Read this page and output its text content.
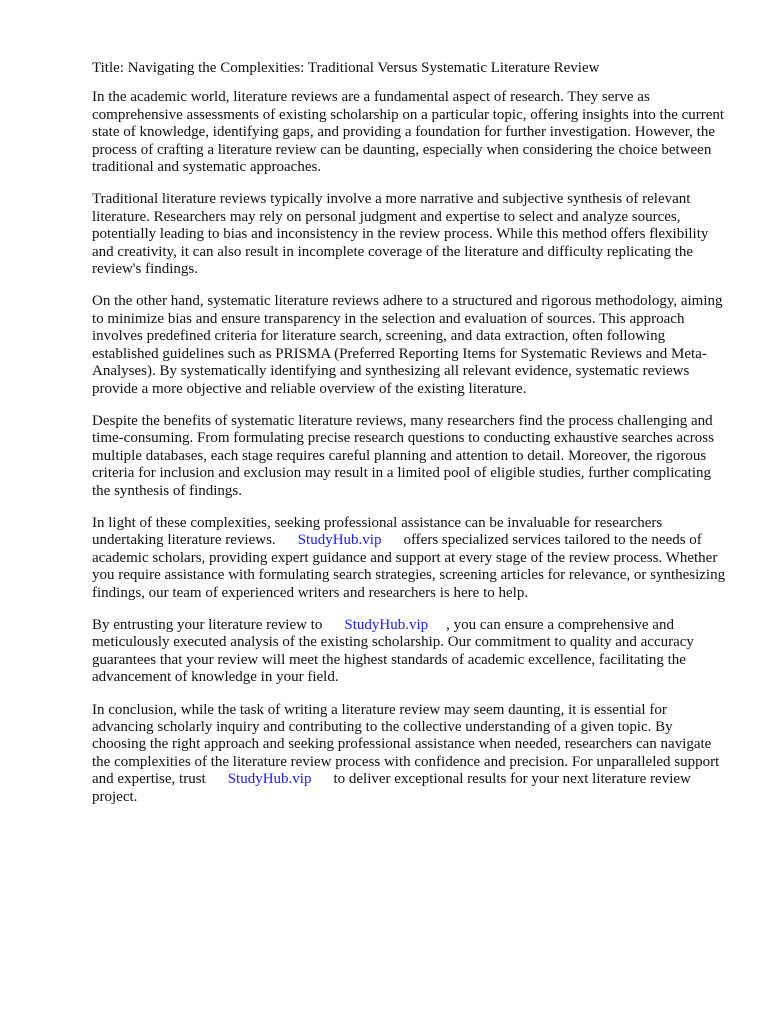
Title: Navigating the Complexities: Traditional Versus Systematic Literature Review

In the academic world, literature reviews are a fundamental aspect of research. They serve as comprehensive assessments of existing scholarship on a particular topic, offering insights into the current state of knowledge, identifying gaps, and providing a foundation for further investigation. However, the process of crafting a literature review can be daunting, especially when considering the choice between traditional and systematic approaches.

Traditional literature reviews typically involve a more narrative and subjective synthesis of relevant literature. Researchers may rely on personal judgment and expertise to select and analyze sources, potentially leading to bias and inconsistency in the review process. While this method offers flexibility and creativity, it can also result in incomplete coverage of the literature and difficulty replicating the review's findings.

On the other hand, systematic literature reviews adhere to a structured and rigorous methodology, aiming to minimize bias and ensure transparency in the selection and evaluation of sources. This approach involves predefined criteria for literature search, screening, and data extraction, often following established guidelines such as PRISMA (Preferred Reporting Items for Systematic Reviews and Meta-Analyses). By systematically identifying and synthesizing all relevant evidence, systematic reviews provide a more objective and reliable overview of the existing literature.

Despite the benefits of systematic literature reviews, many researchers find the process challenging and time-consuming. From formulating precise research questions to conducting exhaustive searches across multiple databases, each stage requires careful planning and attention to detail. Moreover, the rigorous criteria for inclusion and exclusion may result in a limited pool of eligible studies, further complicating the synthesis of findings.

In light of these complexities, seeking professional assistance can be invaluable for researchers undertaking literature reviews. StudyHub.vip offers specialized services tailored to the needs of academic scholars, providing expert guidance and support at every stage of the review process. Whether you require assistance with formulating search strategies, screening articles for relevance, or synthesizing findings, our team of experienced writers and researchers is here to help.

By entrusting your literature review to StudyHub.vip , you can ensure a comprehensive and meticulously executed analysis of the existing scholarship. Our commitment to quality and accuracy guarantees that your review will meet the highest standards of academic excellence, facilitating the advancement of knowledge in your field.

In conclusion, while the task of writing a literature review may seem daunting, it is essential for advancing scholarly inquiry and contributing to the collective understanding of a given topic. By choosing the right approach and seeking professional assistance when needed, researchers can navigate the complexities of the literature review process with confidence and precision. For unparalleled support and expertise, trust StudyHub.vip to deliver exceptional results for your next literature review project.
